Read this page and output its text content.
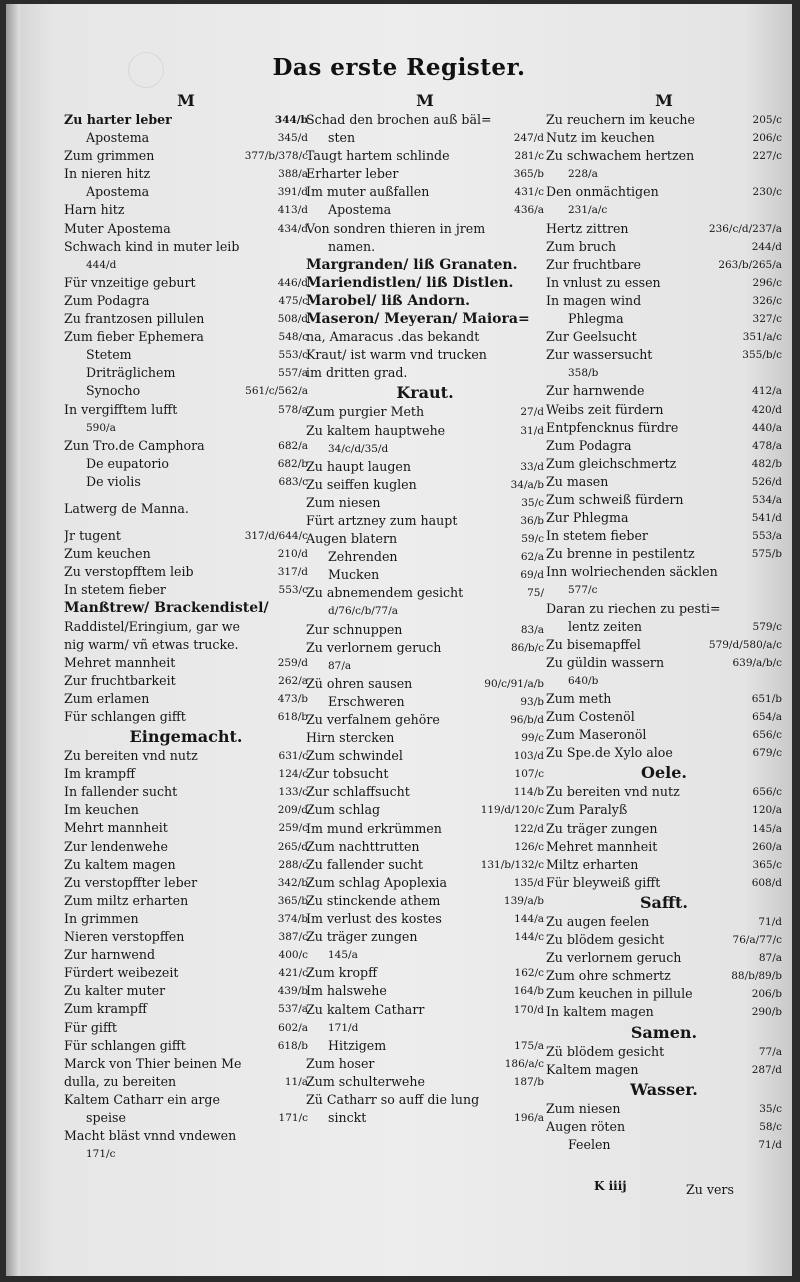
Das erste Register.
M
Zu harter leber	344/b
Apostema	345/d
Zum grimmen	377/b/378/c
In nieren hitz	388/a
Apostema	391/d
Harn hitz	413/d
Muter Apostema	434/d
Schwach kind in muter leib
444/d
Für vnzeitige geburt	446/d
Zum Podagra	475/c
Zu frantzosen pillulen	508/d
Zum fieber Ephemera	548/c
Stetem	553/c
Driträglichem	557/a
Synocho	561/c/562/a
In vergifftem lufft	578/a
590/a
Zun Tro.de Camphora	682/a
De eupatorio	682/b
De violis	683/c
Latwerg de Manna.
Jr tugent	317/d/644/c
Zum keuchen	210/d
Zu verstopfftem leib	317/d
In stetem fieber	553/c
Manßtrew/ Brackendistel/
Raddistel/Eringium, gar we
nig warm/ vñ etwas trucke.
Mehret mannheit	259/d
Zur fruchtbarkeit	262/a
Zum erlamen	473/b
Für schlangen gifft	618/b
Eingemacht.
Zu bereiten vnd nutz	631/c
Im krampff	124/c
In fallender sucht	133/c
Im keuchen	209/d
Mehrt mannheit	259/c
Zur lendenwehe	265/d
Zu kaltem magen	288/c
Zu verstopffter leber	342/b
Zum miltz erharten	365/b
In grimmen	374/b
Nieren verstopffen	387/c
Zur harnwend	400/c
Fürdert weibezeit	421/c
Zu kalter muter	439/b
Zum krampff	537/a
Für gifft	602/a
Für schlangen gifft	618/b
Marck von Thier beinen Me
dulla, zu bereiten	11/a
Kaltem Catharr ein arge
speise	171/c
Macht bläst vnnd vndewen
171/c
M
Schad den brochen auß bäl=
sten	247/d
Taugt hartem schlinde	281/c
Erharter leber	365/b
Im muter außfallen	431/c
Apostema	436/a
Von sondren thieren in jrem
namen.
Margranden/ liß Granaten.
Mariendistlen/ liß Distlen.
Marobel/ liß Andorn.
Maseron/ Meyeran/ Maiora=
na, Amaracus .das bekandt
Kraut/ ist warm vnd trucken
im dritten grad.
Kraut.
Zum purgier Meth	27/d
Zu kaltem hauptwehe	31/d
34/c/d/35/d
Zu haupt laugen	33/d
Zu seiffen kuglen	34/a/b
Zum niesen	35/c
Fürt artzney zum haupt	36/b
Augen blatern	59/c
Zehrenden	62/a
Mucken	69/d
Zu abnemendem gesicht	75/
d/76/c/b/77/a
Zur schnuppen	83/a
Zu verlornem geruch	86/b/c
87/a
Zü ohren sausen	90/c/91/a/b
Erschweren	93/b
Zu verfalnem gehöre	96/b/d
Hirn stercken	99/c
Zum schwindel	103/d
Zur tobsucht	107/c
Zur schlaffsucht	114/b
Zum schlag	119/d/120/c
Im mund erkrümmen	122/d
Zum nachttrutten	126/c
Zu fallender sucht	131/b/132/c
Zum schlag Apoplexia	135/d
Zu stinckende athem	139/a/b
Im verlust des kostes	144/a
Zu träger zungen	144/c
145/a
Zum kropff	162/c
Im halswehe	164/b
Zu kaltem Catharr	170/d
171/d
Hitzigem	175/a
Zum hoser	186/a/c
Zum schulterwehe	187/b
Zü Catharr so auff die lung
sinckt	196/a
M
Zu reuchern im keuche	205/c
Nutz im keuchen	206/c
Zu schwachem hertzen	227/c
228/a
Den onmächtigen	230/c
231/a/c
Hertz zittren	236/c/d/237/a
Zum bruch	244/d
Zur fruchtbare	263/b/265/a
In vnlust zu essen	296/c
In magen wind	326/c
Phlegma	327/c
Zur Geelsucht	351/a/c
Zur wassersucht	355/b/c
358/b
Zur harnwende	412/a
Weibs zeit fürdern	420/d
Entpfencknus fürdre	440/a
Zum Podagra	478/a
Zum gleichschmertz	482/b
Zu masen	526/d
Zum schweiß fürdern	534/a
Zur Phlegma	541/d
In stetem fieber	553/a
Zu brenne in pestilentz	575/b
Inn wolriechenden säcklen
577/c
Daran zu riechen zu pesti=
lentz zeiten	579/c
Zu bisemapffel	579/d/580/a/c
Zu güldin wassern	639/a/b/c
640/b
Zum meth	651/b
Zum Costenöl	654/a
Zum Maseronöl	656/c
Zu Spe.de Xylo aloe	679/c
Oele.
Zu bereiten vnd nutz	656/c
Zum Paralyß	120/a
Zu träger zungen	145/a
Mehret mannheit	260/a
Miltz erharten	365/c
Für bleyweiß gifft	608/d
Safft.
Zu augen feelen	71/d
Zu blödem gesicht	76/a/77/c
Zu verlornem geruch	87/a
Zum ohre schmertz	88/b/89/b
Zum keuchen in pillule	206/b
In kaltem magen	290/b
Samen.
Zü blödem gesicht	77/a
Kaltem magen	287/d
Wasser.
Zum niesen	35/c
Augen röten	58/c
Feelen	71/d
K iiij	Zu vers
